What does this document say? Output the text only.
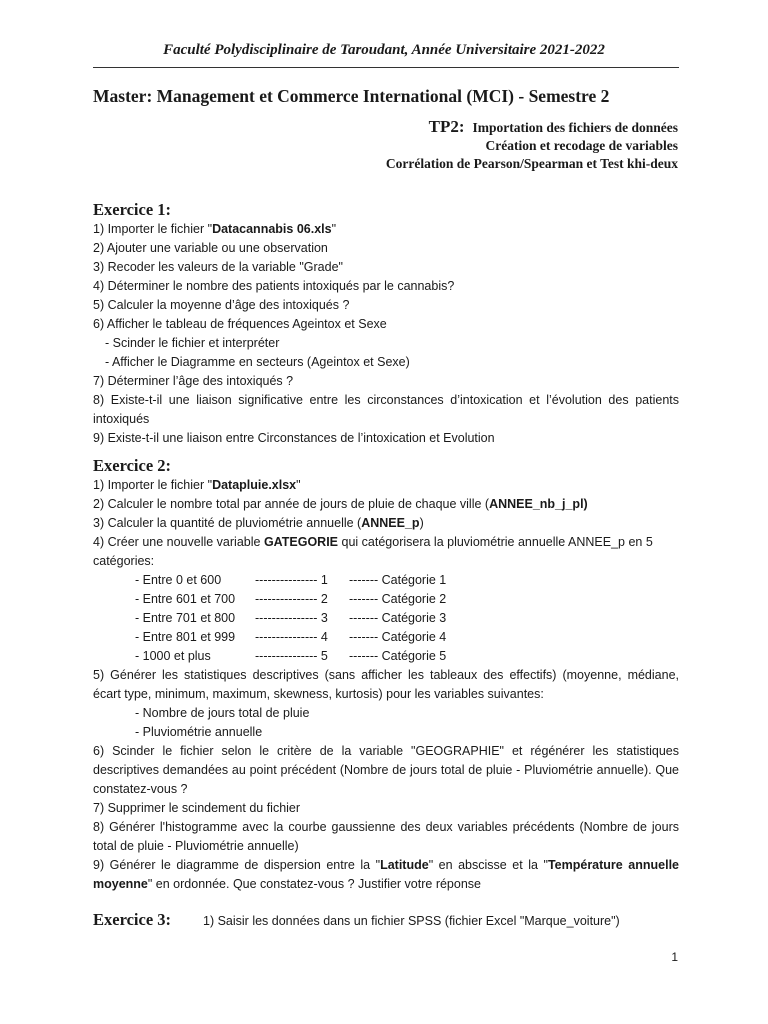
Faculté Polydisciplinaire de Taroudant, Année Universitaire 2021-2022
Master: Management et Commerce International (MCI) - Semestre 2
TP2: Importation des fichiers de données
Création et recodage de variables
Corrélation de Pearson/Spearman et Test khi-deux
Exercice 1:

1) Importer le fichier "Datacannabis 06.xls"

2) Ajouter une variable ou une observation

3) Recoder les valeurs de la variable "Grade"

4) Déterminer le nombre des patients intoxiqués par le cannabis?

5) Calculer la moyenne d’âge des intoxiqués ?

6) Afficher le tableau de fréquences Ageintox et Sexe

- Scinder le fichier et interpréter

- Afficher le Diagramme en secteurs (Ageintox et Sexe)

7) Déterminer l’âge des intoxiqués ?

8) Existe-t-il une liaison significative entre les circonstances d’intoxication et l’évolution des patients intoxiqués

9) Existe-t-il une liaison entre Circonstances de l’intoxication et Evolution

Exercice 2:

1) Importer le fichier "Datapluie.xlsx"

2) Calculer le nombre total par année de jours de pluie de chaque ville (ANNEE_nb_j_pl)

3) Calculer la quantité de pluviométrie annuelle (ANNEE_p)

4) Créer une nouvelle variable GATEGORIE qui catégorisera la pluviométrie annuelle ANNEE_p en 5 catégories:

- Entre 0 et 600	--------------- 1	------- Catégorie 1
- Entre 601 et 700	--------------- 2	------- Catégorie 2
- Entre 701 et 800	--------------- 3	------- Catégorie 3
- Entre 801 et 999	--------------- 4	------- Catégorie 4
- 1000 et plus	--------------- 5	------- Catégorie 5

5) Générer les statistiques descriptives (sans afficher les tableaux des effectifs) (moyenne, médiane, écart type, minimum, maximum, skewness, kurtosis) pour les variables suivantes:

- Nombre de jours total de pluie

- Pluviométrie annuelle

6) Scinder le fichier selon le critère de la variable "GEOGRAPHIE" et régénérer les statistiques descriptives demandées au point précédent (Nombre de jours total de pluie - Pluviométrie annuelle). Que constatez-vous ?

7) Supprimer le scindement du fichier

8) Générer l'histogramme avec la courbe gaussienne des deux variables précédents (Nombre de jours total de pluie - Pluviométrie annuelle)

9) Générer le diagramme de dispersion entre la "Latitude" en abscisse et la "Température annuelle moyenne" en ordonnée. Que constatez-vous ? Justifier votre réponse

Exercice 3:	1) Saisir les données dans un fichier SPSS (fichier Excel "Marque_voiture")
1
